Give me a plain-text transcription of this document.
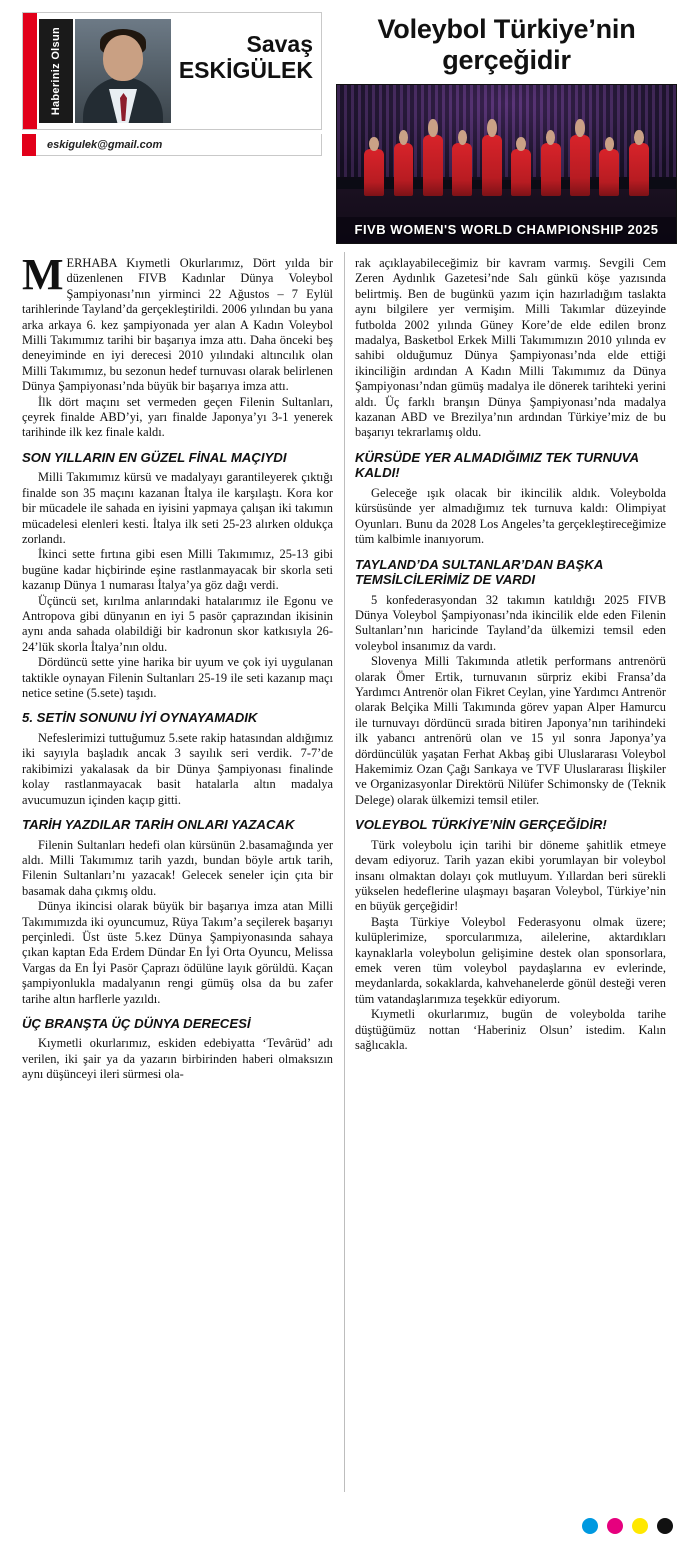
Haberiniz Olsun	Savaş
ESKİGÜLEK
eskigulek@gmail.com
Voleybol Türkiye’nin gerçeğidir
FIVB WOMEN'S WORLD CHAMPIONSHIP 2025

MERHABA Kıymetli Okurlarımız, Dört yılda bir düzenlenen FIVB Kadınlar Dünya Voleybol Şampiyonası’nın yirminci 22 Ağustos – 7 Eylül tarihlerinde Tayland’da gerçekleştirildi. 2006 yılından bu yana arka arkaya 6. kez şampiyonada yer alan A Kadın Voleybol Milli Takımımız tarihi bir başarıya imza attı. Daha önceki beş deneyiminde en iyi derecesi 2010 yılındaki altıncılık olan Milli Takımımız, bu sezonun hedef turnuvası olarak belirlenen Dünya Şampiyonası’nda büyük bir başarıya imza attı.

İlk dört maçını set vermeden geçen Filenin Sultanları, çeyrek finalde ABD’yi, yarı finalde Japonya’yı 3-1 yenerek tarihinde ilk kez finale kaldı.

SON YILLARIN EN GÜZEL FİNAL MAÇIYDI

Milli Takımımız kürsü ve madalyayı garantileyerek çıktığı finalde son 35 maçını kazanan İtalya ile karşılaştı. Kora kor bir mücadele ile sahada en iyisini yapmaya çalışan iki takımın mücadelesi elenleri kesti. İtalya ilk seti 25-23 alırken oldukça zorlandı.

İkinci sette fırtına gibi esen Milli Takımımız, 25-13 gibi bugüne kadar hiçbirinde eşine rastlanmayacak bir skorla seti kazanıp Dünya 1 numarası İtalya’ya göz dağı verdi.

Üçüncü set, kırılma anlarındaki hatalarımız ile Egonu ve Antropova gibi dünyanın en iyi 5 pasör çaprazından ikisinin aynı anda sahada olabildiği bir kadronun skor katkısıyla 26-24’lük skorla İtalya’nın oldu.

Dördüncü sette yine harika bir uyum ve çok iyi uygulanan taktikle oynayan Filenin Sultanları 25-19 ile seti kazanıp maçı netice setine (5.sete) taşıdı.

5. SETİN SONUNU İYİ OYNAYAMADIK

Nefeslerimizi tuttuğumuz 5.sete rakip hatasından aldığımız iki sayıyla başladık ancak 3 sayılık seri verdik. 7-7’de rakibimizi yakalasak da bir Dünya Şampiyonası finalinde kolay rastlanmayacak basit hatalarla altın madalya avucumuzun içinden kaçıp gitti.

TARİH YAZDILAR TARİH ONLARI YAZACAK

Filenin Sultanları hedefi olan kürsünün 2.basamağında yer aldı. Milli Takımımız tarih yazdı, bundan böyle artık tarih, Filenin Sultanları’nı yazacak! Gelecek seneler için çıta bir basamak daha çıkmış oldu.

Dünya ikincisi olarak büyük bir başarıya imza atan Milli Takımımızda iki oyuncumuz, Rüya Takım’a seçilerek başarıyı perçinledi. Üst üste 5.kez Dünya Şampiyonasında sahaya çıkan kaptan Eda Erdem Dündar En İyi Orta Oyuncu, Melissa Vargas da En İyi Pasör Çaprazı ödülüne layık görüldü. Kaçan şampiyonlukla madalyanın rengi gümüş olsa da bu zafer tarihe altın harflerle yazıldı.

ÜÇ BRANŞTA ÜÇ DÜNYA DERECESİ

Kıymetli okurlarımız, eskiden edebiyatta ‘Tevârüd’ adı verilen, iki şair ya da yazarın birbirinden haberi olmaksızın aynı düşünceyi ileri sürmesi ola-

rak açıklayabileceğimiz bir kavram varmış. Sevgili Cem Zeren Aydınlık Gazetesi’nde Salı günkü köşe yazısında belirtmiş. Ben de bugünkü yazım için hazırladığım taslakta aynı bilgilere yer vermişim. Milli Takımlar düzeyinde futbolda 2002 yılında Güney Kore’de elde edilen bronz madalya, Basketbol Erkek Milli Takımımızın 2010 yılında ev sahibi olduğumuz Dünya Şampiyonası’nda elde ettiği ikinciliğin ardından A Kadın Milli Takımımız da Dünya Şampiyonası’ndan gümüş madalya ile dönerek tarihteki yerini aldı. Üç farklı branşın Dünya Şampiyonası’nda madalya kazanan ABD ve Brezilya’nın ardından Türkiye’miz de bu başarıyı tekrarlamış oldu.

KÜRSÜDE YER ALMADIĞIMIZ TEK TURNUVA KALDI!

Geleceğe ışık olacak bir ikincilik aldık. Voleybolda kürsüsünde yer almadığımız tek turnuva kaldı: Olimpiyat Oyunları. Bunu da 2028 Los Angeles’ta gerçekleştireceğimize tüm kalbimle inanıyorum.

TAYLAND’DA SULTANLAR’DAN BAŞKA TEMSİLCİLERİMİZ DE VARDI

5 konfederasyondan 32 takımın katıldığı 2025 FIVB Dünya Voleybol Şampiyonası’nda ikincilik elde eden Filenin Sultanları’nın haricinde Tayland’da ülkemizi temsil eden voleybol insanımız da vardı.

Slovenya Milli Takımında atletik performans antrenörü olarak Ömer Ertik, turnuvanın sürpriz ekibi Fransa’da Yardımcı Antrenör olan Fikret Ceylan, yine Yardımcı Antrenör olarak Belçika Milli Takımında görev yapan Alper Hamurcu ile turnuvayı dördüncü sırada bitiren Japonya’nın tarihindeki ilk yabancı antrenörü olan ve 15 yıl sonra Japonya’ya dördüncülük yaşatan Ferhat Akbaş gibi Uluslararası Voleybol Hakemimiz Ozan Çağı Sarıkaya ve TVF Uluslararası İlişkiler ve Organizasyonlar Direktörü Nilüfer Schimonsky de (Teknik Delege) olarak ülkemizi temsil etiler.

VOLEYBOL TÜRKİYE’NİN GERÇEĞİDİR!

Türk voleybolu için tarihi bir döneme şahitlik etmeye devam ediyoruz. Tarih yazan ekibi yorumlayan bir voleybol insanı olmaktan dolayı çok mutluyum. Yıllardan beri sürekli yükselen hedeflerine ulaşmayı başaran Voleybol, Türkiye’nin en büyük gerçeğidir!

Başta Türkiye Voleybol Federasyonu olmak üzere; kulüplerimize, sporcularımıza, ailelerine, aktardıkları kaynaklarla voleybolun gelişimine destek olan sponsorlara, emek veren tüm voleybol paydaşlarına ev evlerinde, meydanlarda, sokaklarda, kahvehanelerde gönül desteği veren tüm vatandaşlarımıza teşekkür ediyorum.

Kıymetli okurlarımız, bugün de voleybolda tarihe düştüğümüz nottan ‘Haberiniz Olsun’ istedim. Kalın sağlıcakla.
